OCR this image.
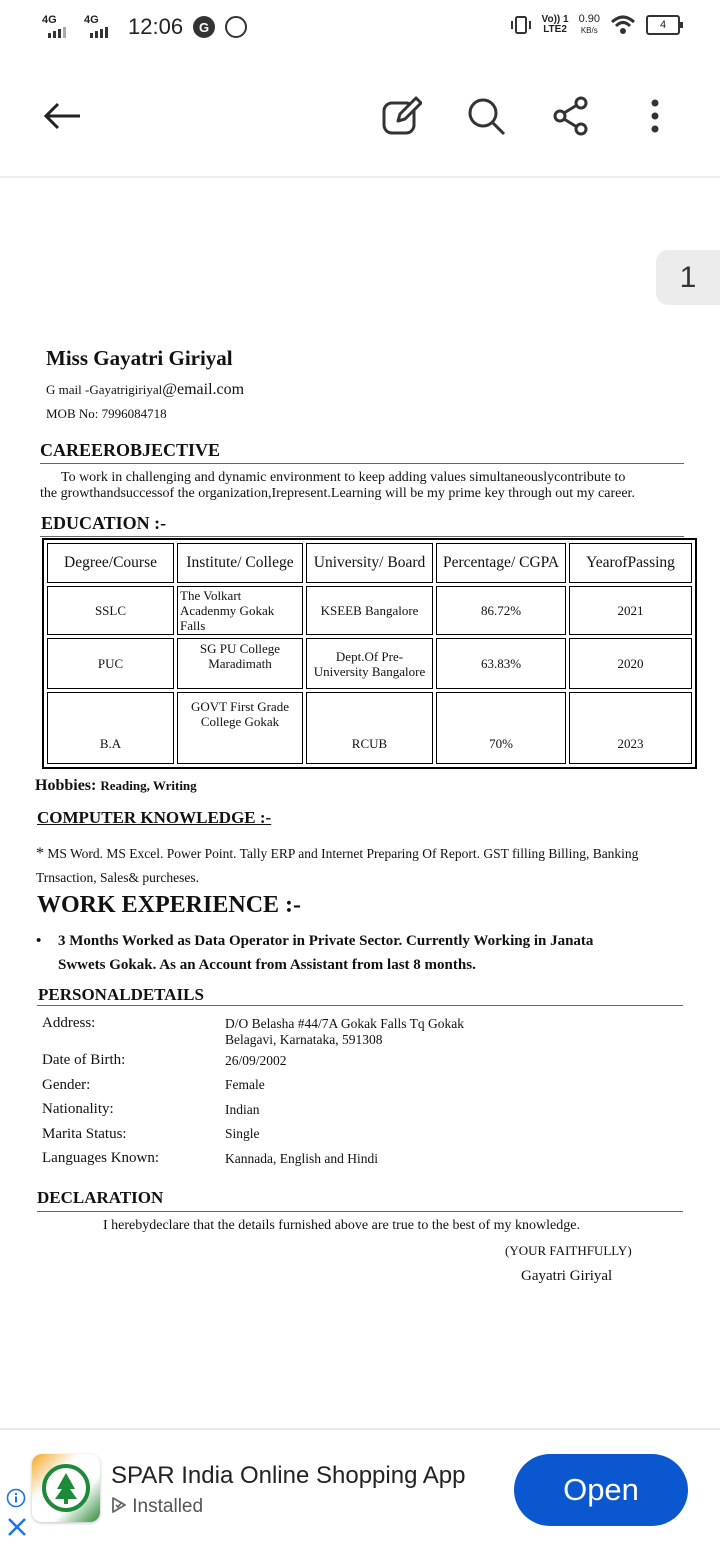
4G 4G 12:06	G	Vo)) 1
LTE2
0.90
KB/s	4
1
Miss Gayatri Giriyal
G mail -Gayatrigiriyal@email.com
MOB No: 7996084718
CAREEROBJECTIVE
To work in challenging and dynamic environment to keep adding values simultaneouslycontribute to
the growthandsuccessof the organization,Irepresent.Learning will be my prime key through out my career.
EDUCATION :-
Degree/Course	Institute/ College	University/ Board	Percentage/ CGPA	YearofPassing
SSLC	The Volkart Acadenmy Gokak Falls	KSEEB Bangalore	86.72%	2021
PUC	SG PU College Maradimath	Dept.Of Pre-University Bangalore	63.83%	2020
B.A	GOVT First Grade College Gokak	RCUB	70%	2023
Hobbies: Reading, Writing
COMPUTER KNOWLEDGE :-
* MS Word. MS Excel. Power Point. Tally ERP and Internet Preparing Of Report. GST filling Billing, Banking
Trnsaction, Sales& purcheses.
WORK EXPERIENCE :-
•	3 Months Worked as Data Operator in Private Sector. Currently Working in Janata
Swwets Gokak. As an Account from Assistant from last 8 months.
PERSONALDETAILS
Address:	D/O Belasha #44/7A Gokak Falls Tq Gokak
Belagavi, Karnataka, 591308
Date of Birth:	26/09/2002
Gender:	Female
Nationality:	Indian
Marita Status:	Single
Languages Known:	Kannada, English and Hindi
DECLARATION
I herebydeclare that the details furnished above are true to the best of my knowledge.
(YOUR FAITHFULLY)
Gayatri Giriyal
SPAR India Online Shopping App
Installed	Open
